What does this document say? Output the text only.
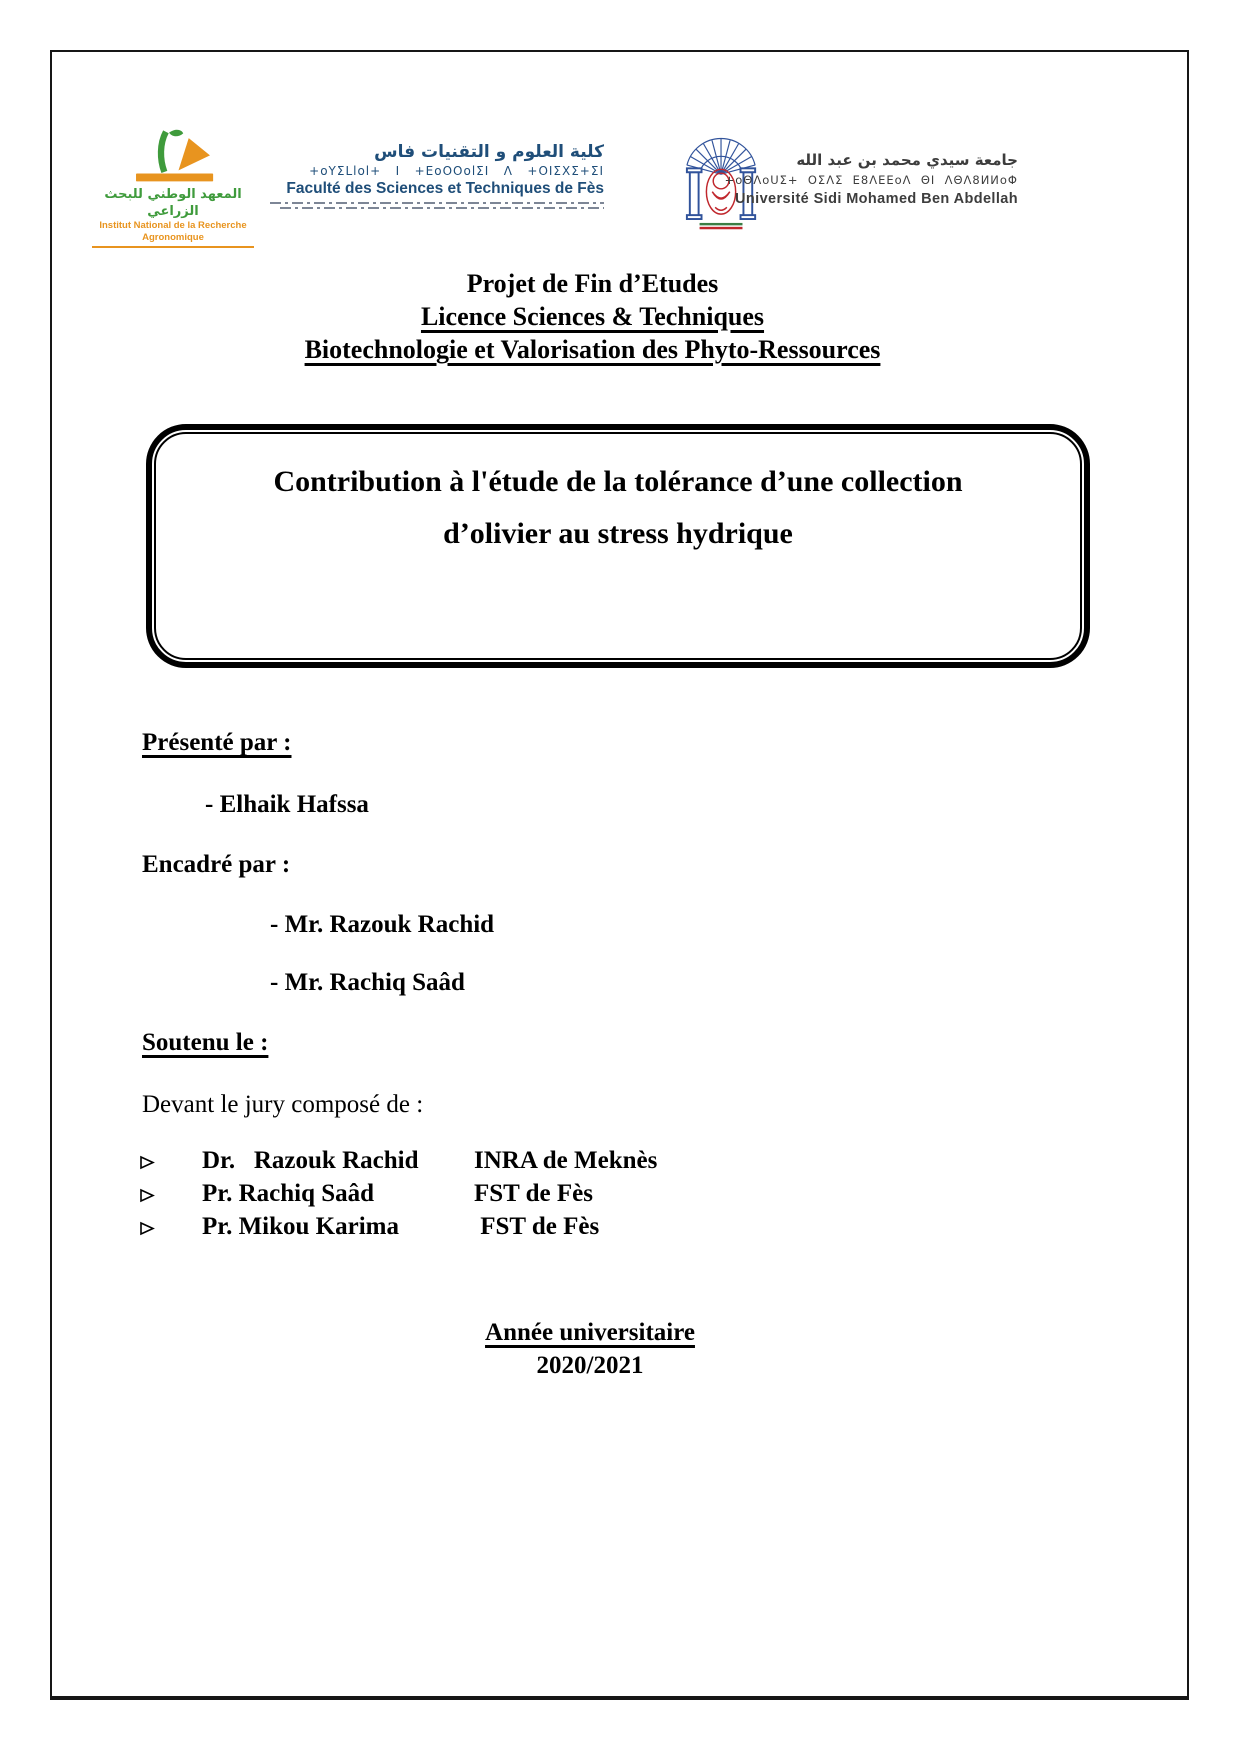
المعهد الوطني للبحث الزراعي
Institut National de la Recherche Agronomique
كلية العلوم و التقنيات فاس
+oYΣLlol+   I   +EoOOolΣI   Λ   +OIΣXΣ+ΣI
Faculté des Sciences et Techniques de Fès
جامعة سيدي محمد بن عبد الله
+oΘΛoUΣ+  OΣΛΣ  E8ΛEEoΛ  ΘI  ΛΘΛ8ИИoΦ
Université Sidi Mohamed Ben Abdellah
Projet de Fin d’Etudes
Licence Sciences & Techniques
Biotechnologie et Valorisation des Phyto-Ressources
Contribution à l'étude de la tolérance d’une collection
d’olivier au stress hydrique
Présenté par :
- Elhaik Hafssa
Encadré par :
- Mr. Razouk Rachid
- Mr. Rachiq Saâd
Soutenu le :
Devant le jury composé de :
Dr.   Razouk Rachid	INRA de Meknès
Pr. Rachiq Saâd	FST de Fès
Pr. Mikou Karima	FST de Fès
Année universitaire
2020/2021
